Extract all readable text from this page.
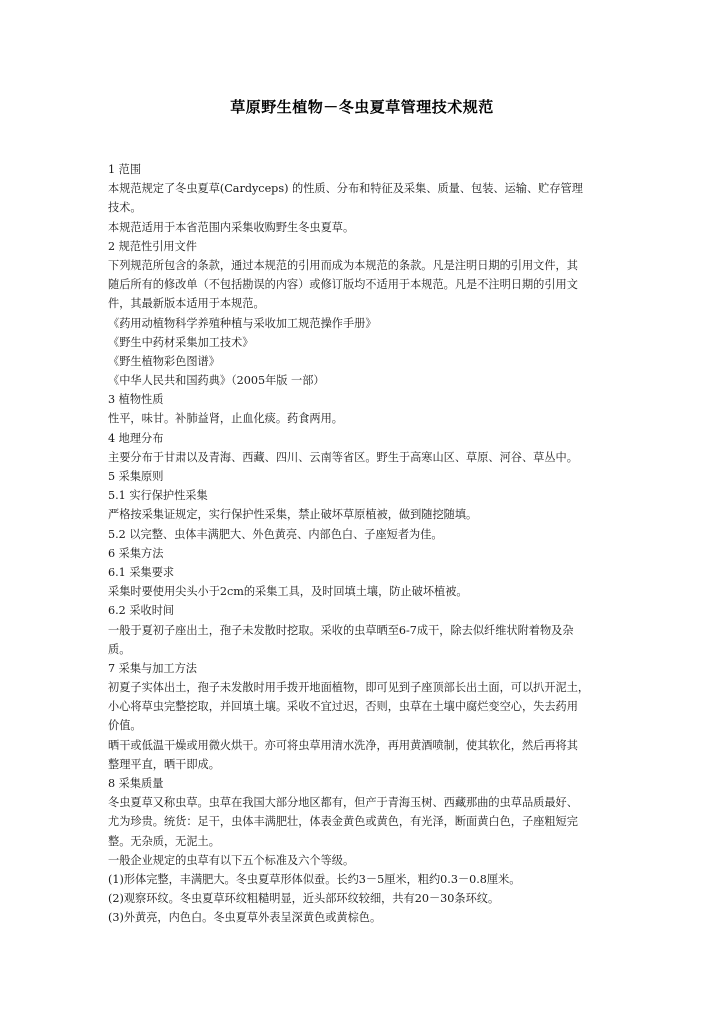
草原野生植物－冬虫夏草管理技术规范
1 范围
本规范规定了冬虫夏草(Cardyceps) 的性质、分布和特征及采集、质量、包装、运输、贮存管理
技术。
本规范适用于本省范围内采集收购野生冬虫夏草。
2 规范性引用文件
下列规范所包含的条款，通过本规范的引用而成为本规范的条款。凡是注明日期的引用文件，其
随后所有的修改单（不包括勘误的内容）或修订版均不适用于本规范。凡是不注明日期的引用文
件，其最新版本适用于本规范。
《药用动植物科学养殖种植与采收加工规范操作手册》
《野生中药材采集加工技术》
《野生植物彩色图谱》
《中华人民共和国药典》（2005年版 一部）
3 植物性质
性平，味甘。补肺益肾，止血化痰。药食两用。
4 地理分布
主要分布于甘肃以及青海、西藏、四川、云南等省区。野生于高寒山区、草原、河谷、草丛中。
5 采集原则
5.1 实行保护性采集
严格按采集证规定，实行保护性采集，禁止破坏草原植被，做到随挖随填。
5.2 以完整、虫体丰满肥大、外色黄亮、内部色白、子座短者为佳。
6 采集方法
6.1 采集要求
采集时要使用尖头小于2cm的采集工具，及时回填土壤，防止破坏植被。
6.2 采收时间
一般于夏初子座出土，孢子未发散时挖取。采收的虫草晒至6-7成干，除去似纤维状附着物及杂
质。
7 采集与加工方法
初夏子实体出土，孢子未发散时用手拨开地面植物，即可见到子座顶部长出土面，可以扒开泥土，
小心将草虫完整挖取，并回填土壤。采收不宜过迟，否则，虫草在土壤中腐烂变空心，失去药用
价值。
晒干或低温干燥或用微火烘干。亦可将虫草用清水洗净，再用黄酒喷制，使其软化，然后再将其
整理平直，晒干即成。
8 采集质量
冬虫夏草又称虫草。虫草在我国大部分地区都有，但产于青海玉树、西藏那曲的虫草品质最好、
尤为珍贵。统货：足干，虫体丰满肥壮，体表金黄色或黄色，有光泽，断面黄白色，子座粗短完
整。无杂质，无泥土。
一般企业规定的虫草有以下五个标准及六个等级。
(1)形体完整，丰满肥大。冬虫夏草形体似蚕。长约3－5厘米，粗约0.3－0.8厘米。
(2)观察环纹。冬虫夏草环纹粗糙明显，近头部环纹较细，共有20－30条环纹。
(3)外黄亮，内色白。冬虫夏草外表呈深黄色或黄棕色。
